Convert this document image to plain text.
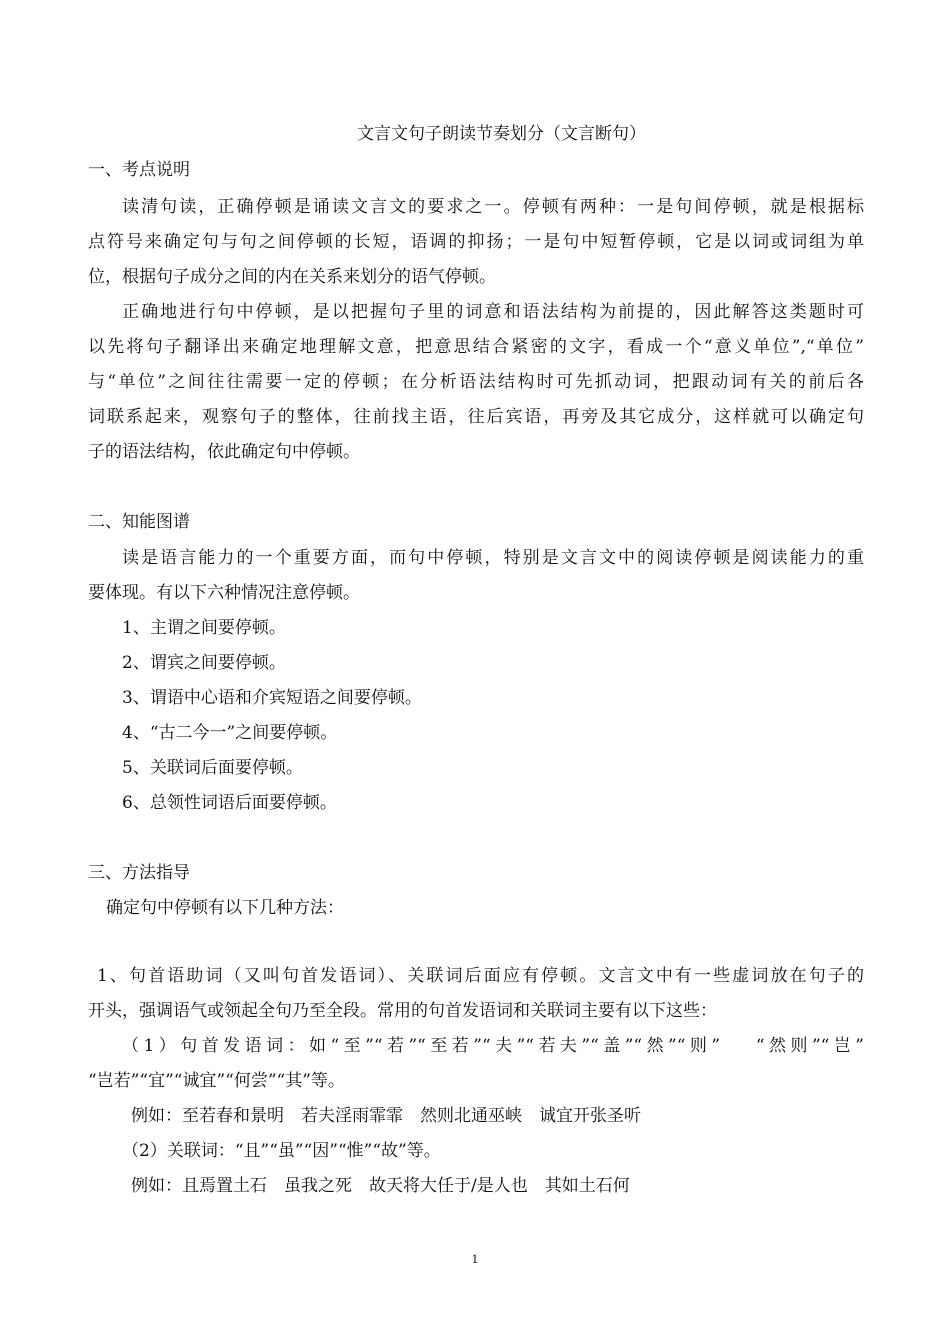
文言文句子朗读节奏划分（文言断句）
一、考点说明
读清句读，正确停顿是诵读文言文的要求之一。停顿有两种：一是句间停顿，就是根据标
点符号来确定句与句之间停顿的长短，语调的抑扬；一是句中短暂停顿，它是以词或词组为单
位，根据句子成分之间的内在关系来划分的语气停顿。
正确地进行句中停顿，是以把握句子里的词意和语法结构为前提的，因此解答这类题时可
以先将句子翻译出来确定地理解文意，把意思结合紧密的文字，看成一个“意义单位”,“单位”
与“单位”之间往往需要一定的停顿；在分析语法结构时可先抓动词，把跟动词有关的前后各
词联系起来，观察句子的整体，往前找主语，往后宾语，再旁及其它成分，这样就可以确定句
子的语法结构，依此确定句中停顿。
二、知能图谱
读是语言能力的一个重要方面，而句中停顿，特别是文言文中的阅读停顿是阅读能力的重
要体现。有以下六种情况注意停顿。
1、主谓之间要停顿。
2、谓宾之间要停顿。
3、谓语中心语和介宾短语之间要停顿。
4、“古二今一”之间要停顿。
5、关联词后面要停顿。
6、总领性词语后面要停顿。
三、方法指导
确定句中停顿有以下几种方法：
1、句首语助词（又叫句首发语词）、关联词后面应有停顿。文言文中有一些虚词放在句子的
开头，强调语气或领起全句乃至全段。常用的句首发语词和关联词主要有以下这些：
（1）句首发语词：如“至”“若”“至若”“夫”“若夫”“盖”“然”“则”　 “然则”“岂”
“岂若”“宜”“诚宜”“何尝”“其”等。
例如：至若春和景明　若夫淫雨霏霏　然则北通巫峡　诚宜开张圣听
（2）关联词：“且”“虽”“因”“惟”“故”等。
例如：且焉置土石　虽我之死　故天将大任于/是人也　其如土石何
1
